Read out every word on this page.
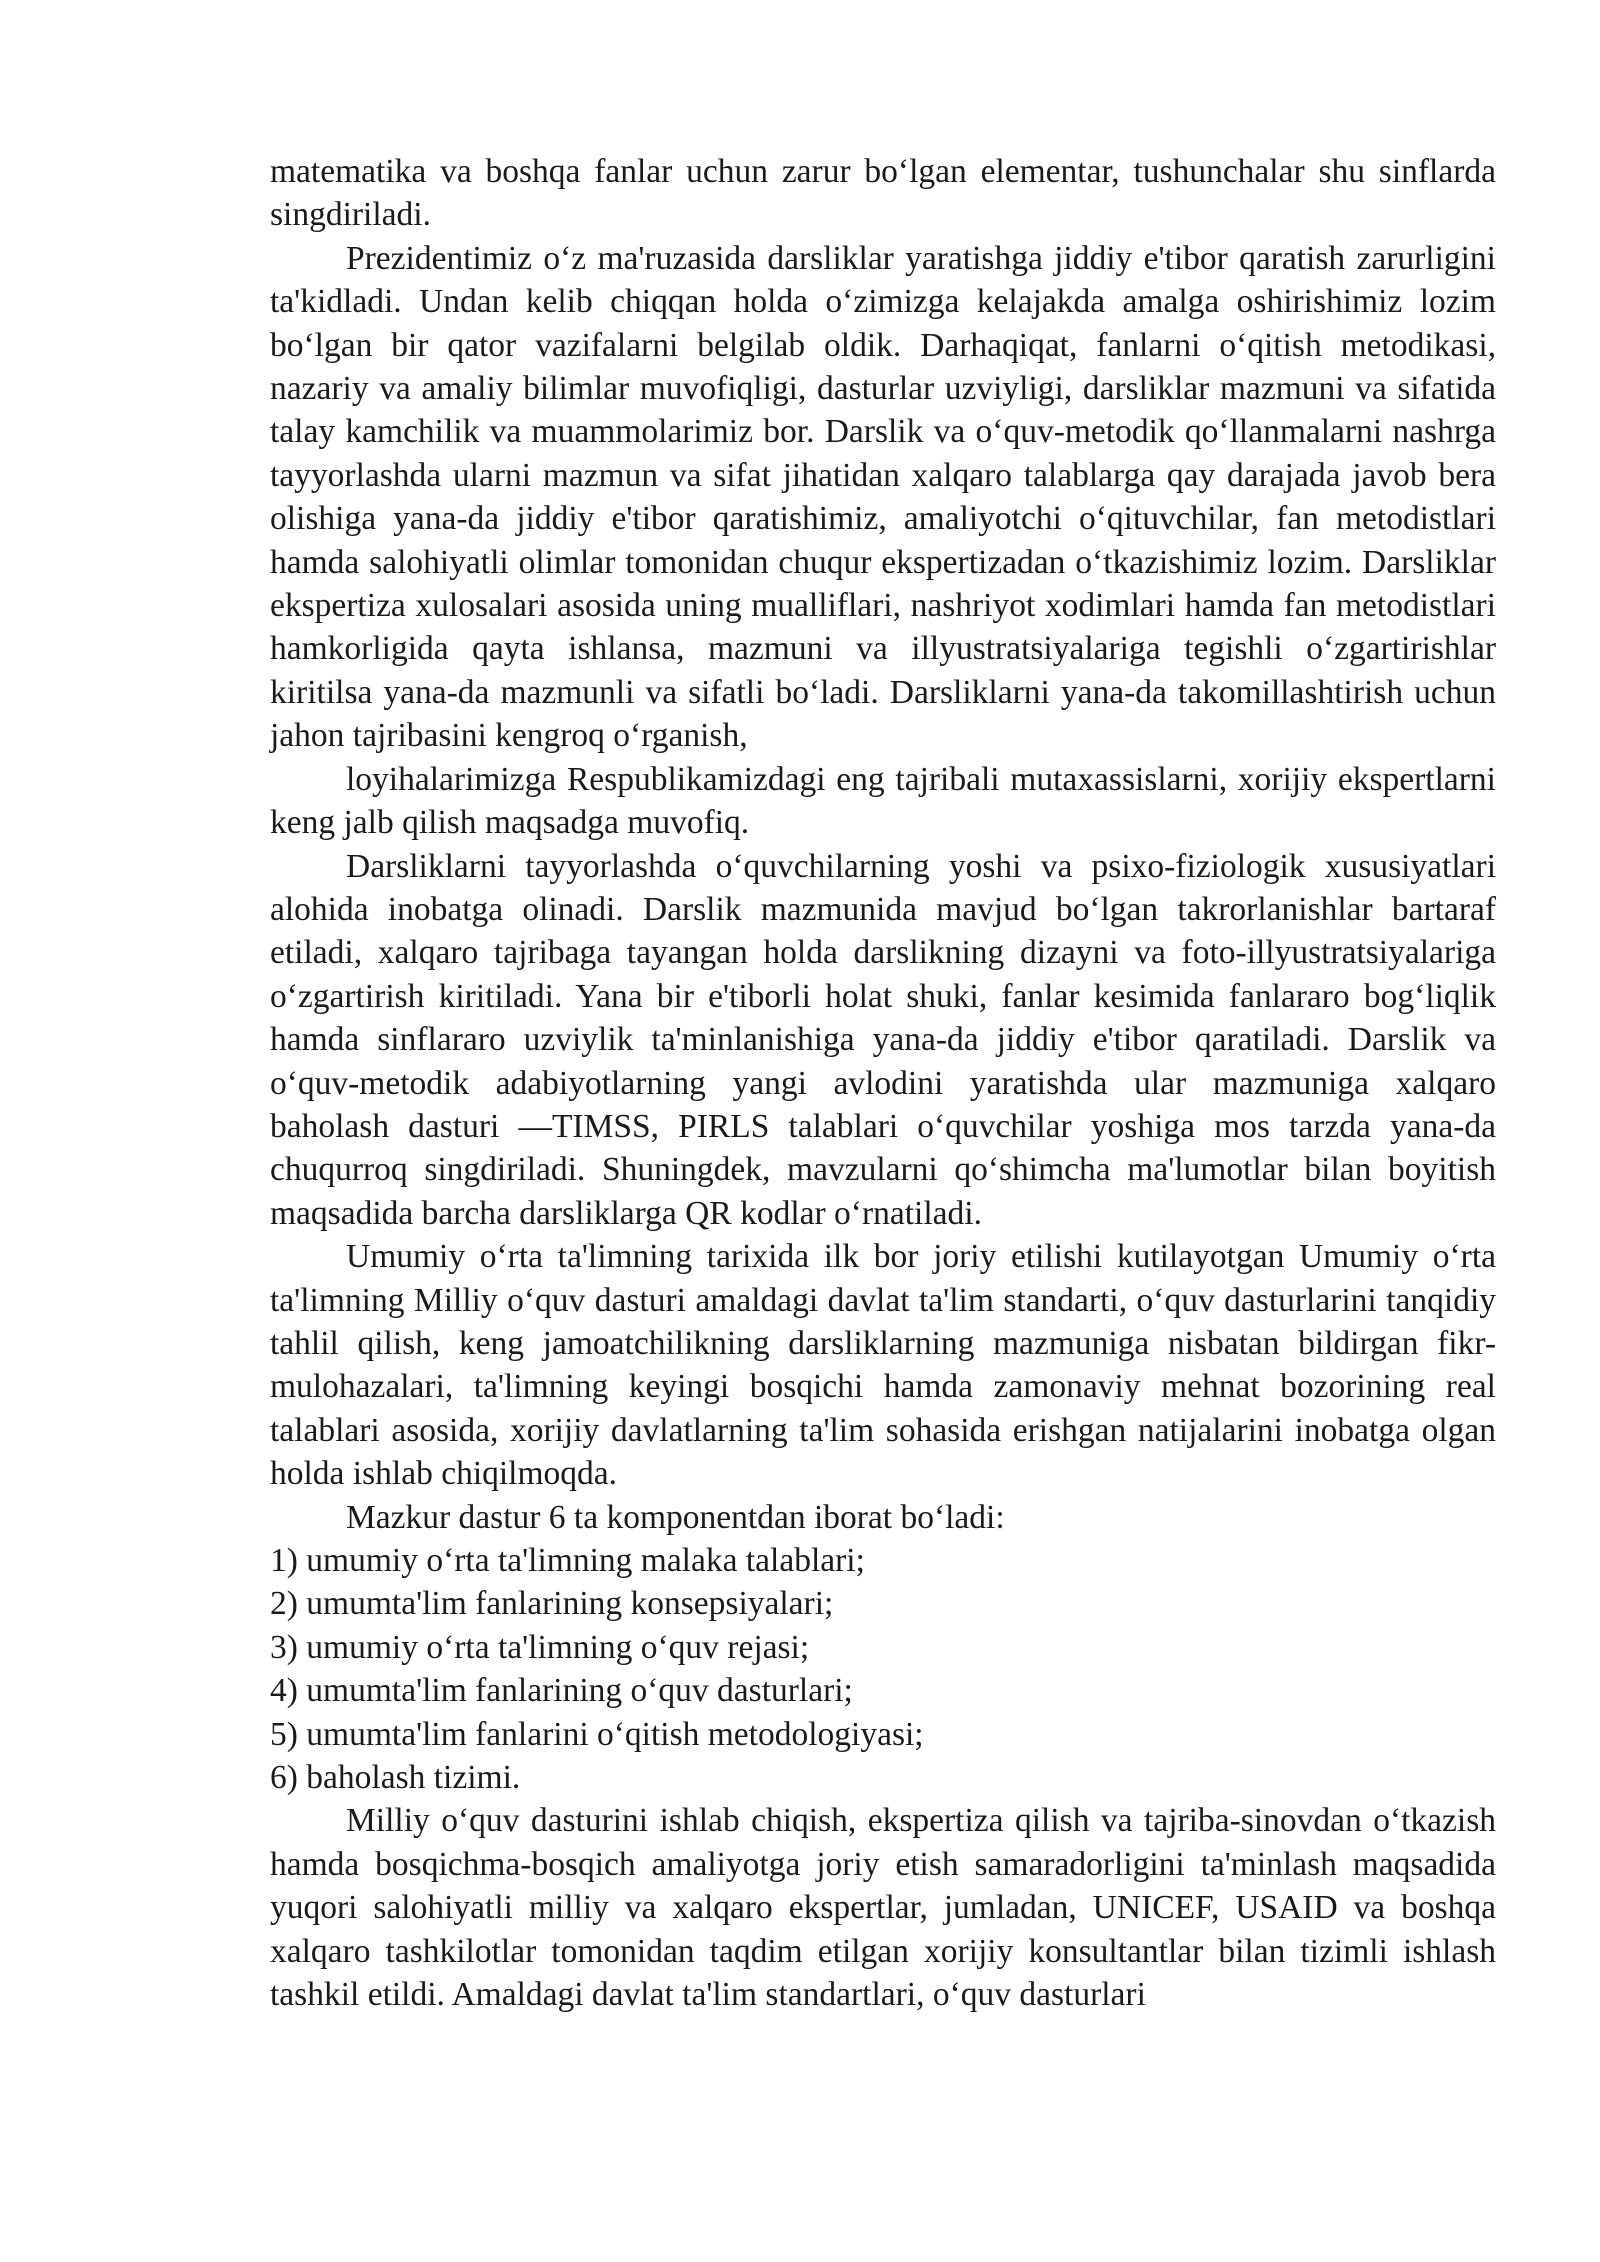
matematika va boshqa fanlar uchun zarur bo‘lgan elementar, tushunchalar shu sinflarda singdiriladi.

Prezidentimiz o‘z ma'ruzasida darsliklar yaratishga jiddiy e'tibor qaratish zarurligini ta'kidladi. Undan kelib chiqqan holda o‘zimizga kelajakda amalga oshirishimiz lozim bo‘lgan bir qator vazifalarni belgilab oldik. Darhaqiqat, fanlarni o‘qitish metodikasi, nazariy va amaliy bilimlar muvofiqligi, dasturlar uzviyligi, darsliklar mazmuni va sifatida talay kamchilik va muammolarimiz bor. Darslik va o‘quv-metodik qo‘llanmalarni nashrga tayyorlashda ularni mazmun va sifat jihatidan xalqaro talablarga qay darajada javob bera olishiga yana-da jiddiy e'tibor qaratishimiz, amaliyotchi o‘qituvchilar, fan metodistlari hamda salohiyatli olimlar tomonidan chuqur ekspertizadan o‘tkazishimiz lozim. Darsliklar ekspertiza xulosalari asosida uning mualliflari, nashriyot xodimlari hamda fan metodistlari hamkorligida qayta ishlansa, mazmuni va illyustratsiyalariga tegishli o‘zgartirishlar kiritilsa yana-da mazmunli va sifatli bo‘ladi. Darsliklarni yana-da takomillashtirish uchun jahon tajribasini kengroq o‘rganish,

loyihalarimizga Respublikamizdagi eng tajribali mutaxassislarni, xorijiy ekspertlarni keng jalb qilish maqsadga muvofiq.

Darsliklarni tayyorlashda o‘quvchilarning yoshi va psixo-fiziologik xususiyatlari alohida inobatga olinadi. Darslik mazmunida mavjud bo‘lgan takrorlanishlar bartaraf etiladi, xalqaro tajribaga tayangan holda darslikning dizayni va foto-illyustratsiyalariga o‘zgartirish kiritiladi. Yana bir e'tiborli holat shuki, fanlar kesimida fanlararo bog‘liqlik hamda sinflararo uzviylik ta'minlanishiga yana-da jiddiy e'tibor qaratiladi. Darslik va o‘quv-metodik adabiyotlarning yangi avlodini yaratishda ular mazmuniga xalqaro baholash dasturi ―TIMSS, PIRLS talablari o‘quvchilar yoshiga mos tarzda yana-da chuqurroq singdiriladi. Shuningdek, mavzularni qo‘shimcha ma'lumotlar bilan boyitish maqsadida barcha darsliklarga QR kodlar o‘rnatiladi.

Umumiy o‘rta ta'limning tarixida ilk bor joriy etilishi kutilayotgan Umumiy o‘rta ta'limning Milliy o‘quv dasturi amaldagi davlat ta'lim standarti, o‘quv dasturlarini tanqidiy tahlil qilish, keng jamoatchilikning darsliklarning mazmuniga nisbatan bildirgan fikr-mulohazalari, ta'limning keyingi bosqichi hamda zamonaviy mehnat bozorining real talablari asosida, xorijiy davlatlarning ta'lim sohasida erishgan natijalarini inobatga olgan holda ishlab chiqilmoqda.

Mazkur dastur 6 ta komponentdan iborat bo‘ladi:

1) umumiy o‘rta ta'limning malaka talablari;

2) umumta'lim fanlarining konsepsiyalari;

3) umumiy o‘rta ta'limning o‘quv rejasi;

4) umumta'lim fanlarining o‘quv dasturlari;

5) umumta'lim fanlarini o‘qitish metodologiyasi;

6) baholash tizimi.

Milliy o‘quv dasturini ishlab chiqish, ekspertiza qilish va tajriba-sinovdan o‘tkazish hamda bosqichma-bosqich amaliyotga joriy etish samaradorligini ta'minlash maqsadida yuqori salohiyatli milliy va xalqaro ekspertlar, jumladan, UNICEF, USAID va boshqa xalqaro tashkilotlar tomonidan taqdim etilgan xorijiy konsultantlar bilan tizimli ishlash tashkil etildi. Amaldagi davlat ta'lim standartlari, o‘quv dasturlari
